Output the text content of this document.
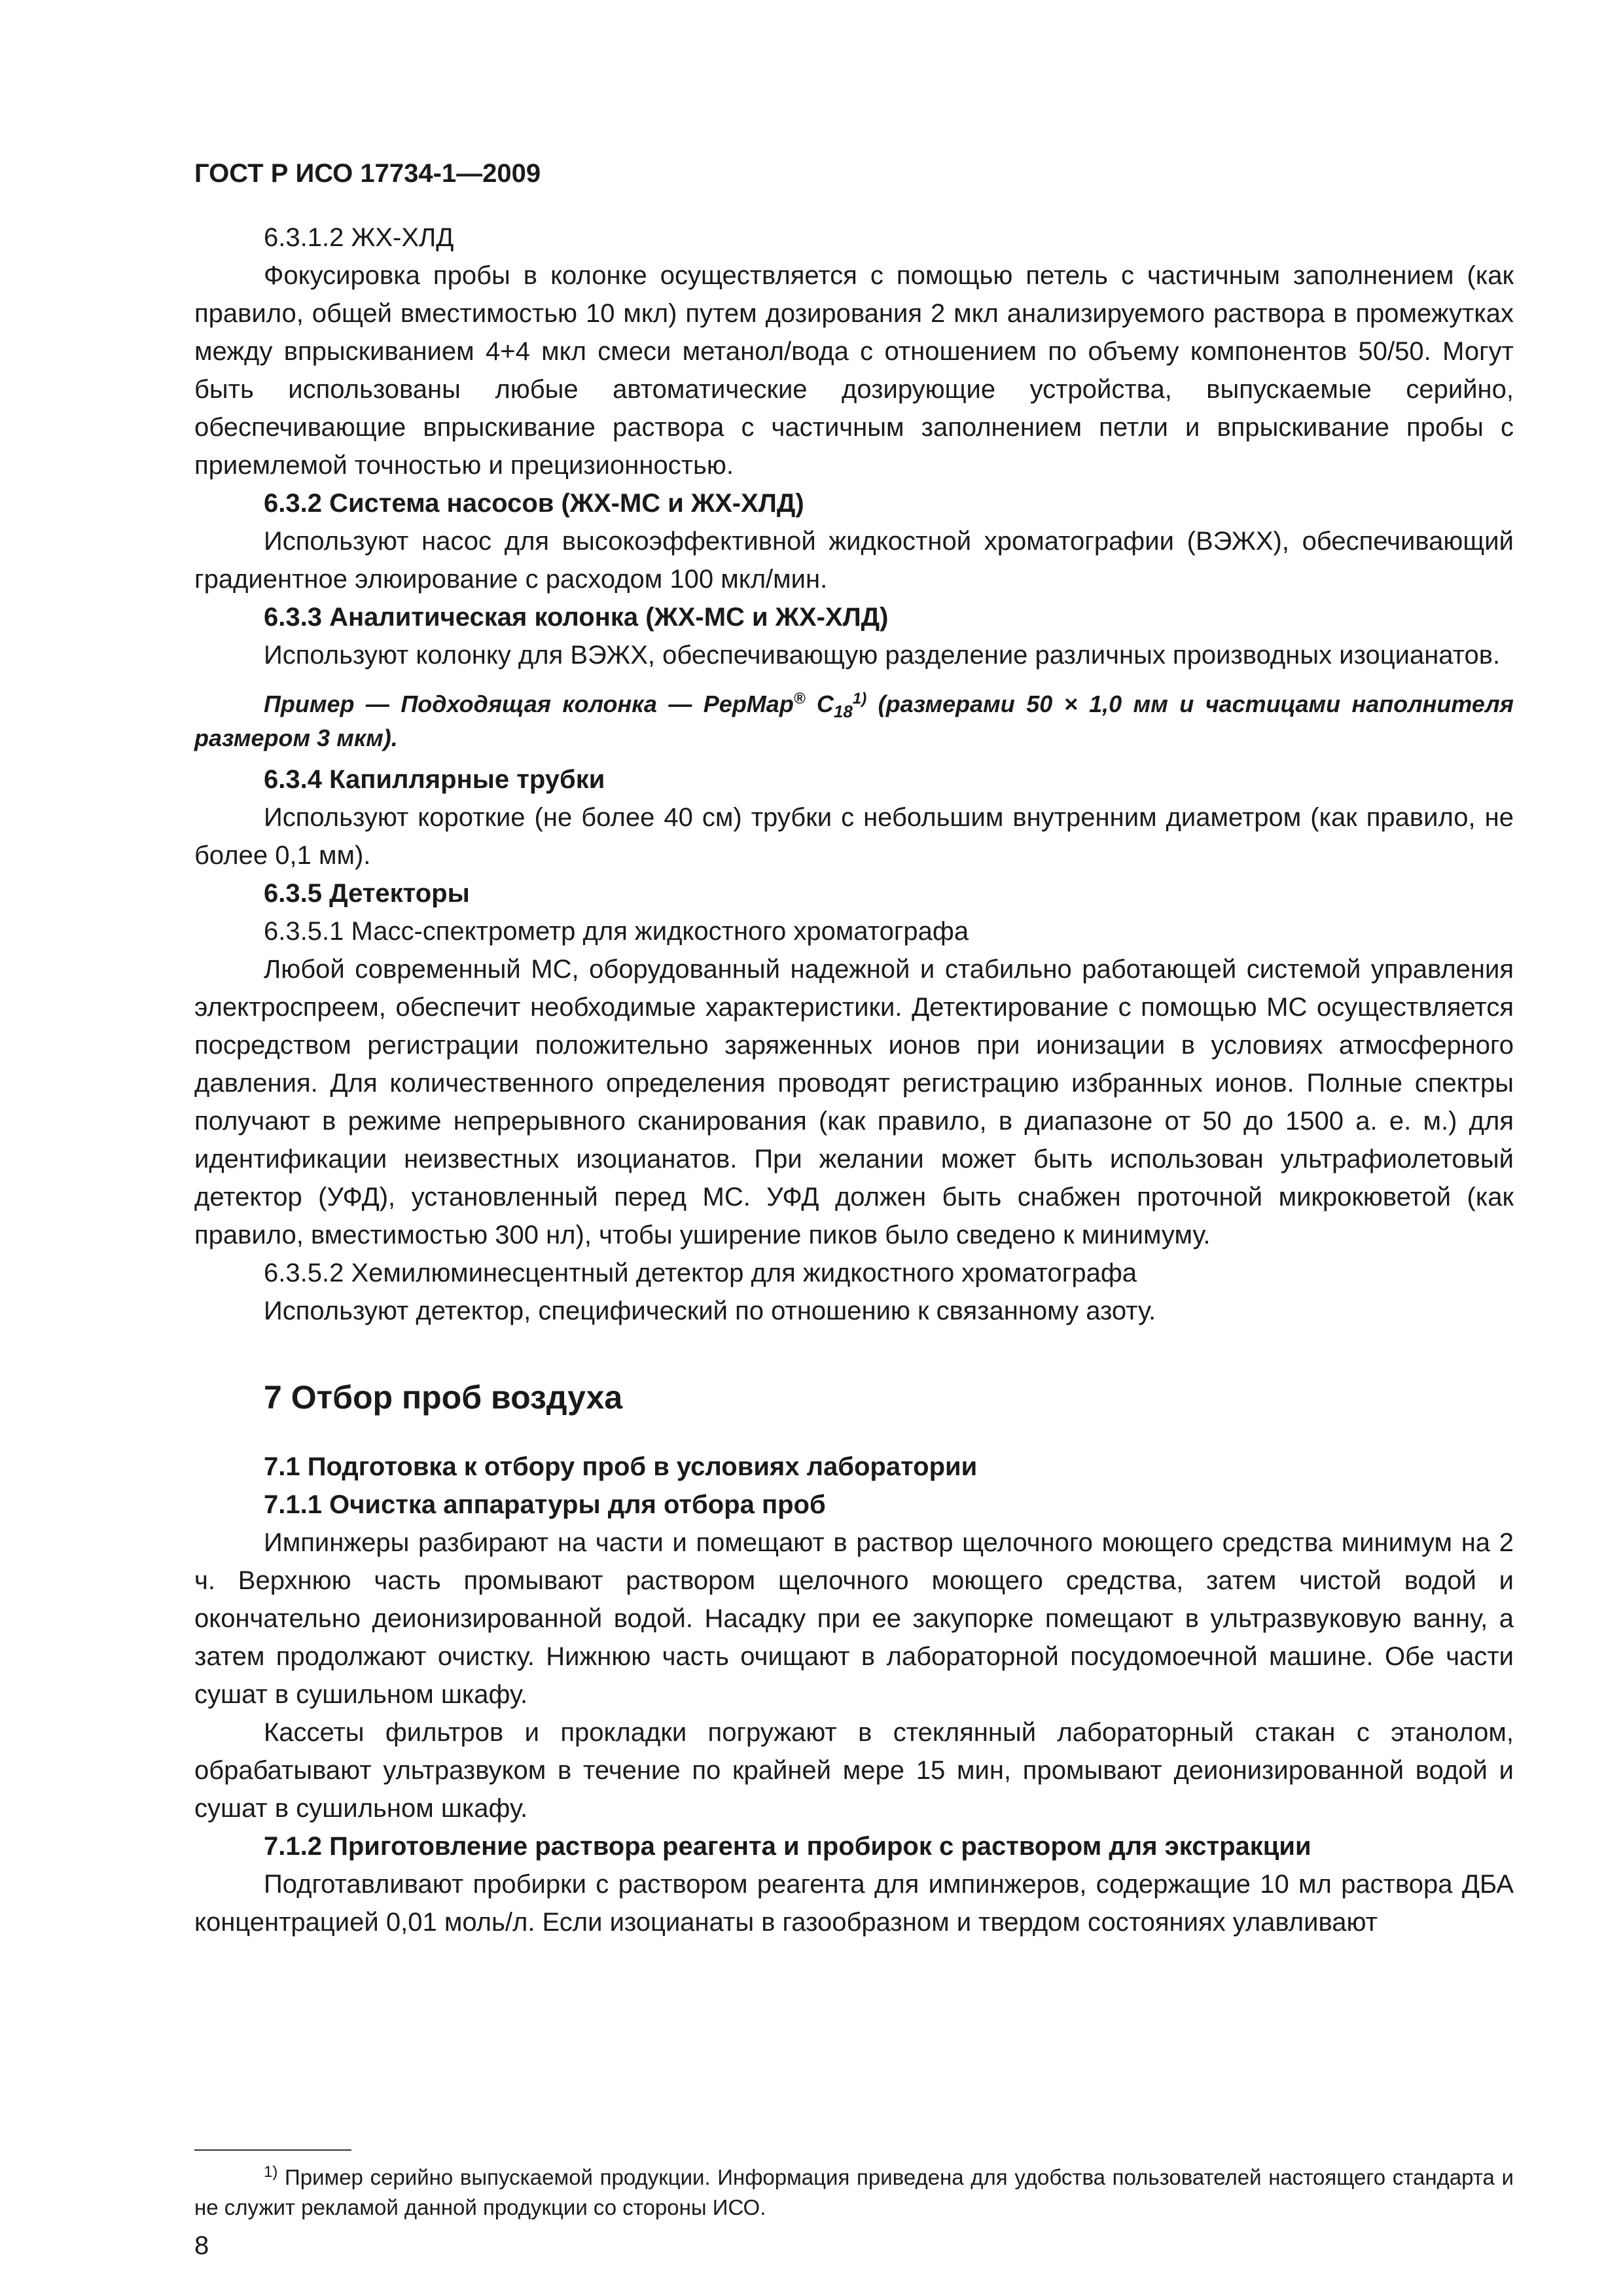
ГОСТ Р ИСО 17734-1—2009

6.3.1.2 ЖХ-ХЛД

Фокусировка пробы в колонке осуществляется с помощью петель с частичным заполнением (как правило, общей вместимостью 10 мкл) путем дозирования 2 мкл анализируемого раствора в промежутках между впрыскиванием 4+4 мкл смеси метанол/вода с отношением по объему компонентов 50/50. Могут быть использованы любые автоматические дозирующие устройства, выпускаемые серийно, обеспечивающие впрыскивание раствора с частичным заполнением петли и впрыскивание пробы с приемлемой точностью и прецизионностью.

6.3.2 Система насосов (ЖХ-МС и ЖХ-ХЛД)

Используют насос для высокоэффективной жидкостной хроматографии (ВЭЖХ), обеспечивающий градиентное элюирование с расходом 100 мкл/мин.

6.3.3 Аналитическая колонка (ЖХ-МС и ЖХ-ХЛД)

Используют колонку для ВЭЖХ, обеспечивающую разделение различных производных изоцианатов.

Пример — Подходящая колонка — PepMap® $C_{18}^{1)}$ (размерами 50 × 1,0 мм и частицами наполнителя размером 3 мкм).

6.3.4 Капиллярные трубки

Используют короткие (не более 40 см) трубки с небольшим внутренним диаметром (как правило, не более 0,1 мм).

6.3.5 Детекторы

6.3.5.1 Масс-спектрометр для жидкостного хроматографа

Любой современный МС, оборудованный надежной и стабильно работающей системой управления электроспреем, обеспечит необходимые характеристики. Детектирование с помощью МС осуществляется посредством регистрации положительно заряженных ионов при ионизации в условиях атмосферного давления. Для количественного определения проводят регистрацию избранных ионов. Полные спектры получают в режиме непрерывного сканирования (как правило, в диапазоне от 50 до 1500 а. е. м.) для идентификации неизвестных изоцианатов. При желании может быть использован ультрафиолетовый детектор (УФД), установленный перед МС. УФД должен быть снабжен проточной микрокюветой (как правило, вместимостью 300 нл), чтобы уширение пиков было сведено к минимуму.

6.3.5.2 Хемилюминесцентный детектор для жидкостного хроматографа

Используют детектор, специфический по отношению к связанному азоту.

7 Отбор проб воздуха
7.1 Подготовка к отбору проб в условиях лаборатории
7.1.1 Очистка аппаратуры для отбора проб

Импинжеры разбирают на части и помещают в раствор щелочного моющего средства минимум на 2 ч. Верхнюю часть промывают раствором щелочного моющего средства, затем чистой водой и окончательно деионизированной водой. Насадку при ее закупорке помещают в ультразвуковую ванну, а затем продолжают очистку. Нижнюю часть очищают в лабораторной посудомоечной машине. Обе части сушат в сушильном шкафу.

Кассеты фильтров и прокладки погружают в стеклянный лабораторный стакан с этанолом, обрабатывают ультразвуком в течение по крайней мере 15 мин, промывают деионизированной водой и сушат в сушильном шкафу.

7.1.2 Приготовление раствора реагента и пробирок с раствором для экстракции

Подготавливают пробирки с раствором реагента для импинжеров, содержащие 10 мл раствора ДБА концентрацией 0,01 моль/л. Если изоцианаты в газообразном и твердом состояниях улавливают

$^{1)}$ Пример серийно выпускаемой продукции. Информация приведена для удобства пользователей настоящего стандарта и не служит рекламой данной продукции со стороны ИСО.
8
